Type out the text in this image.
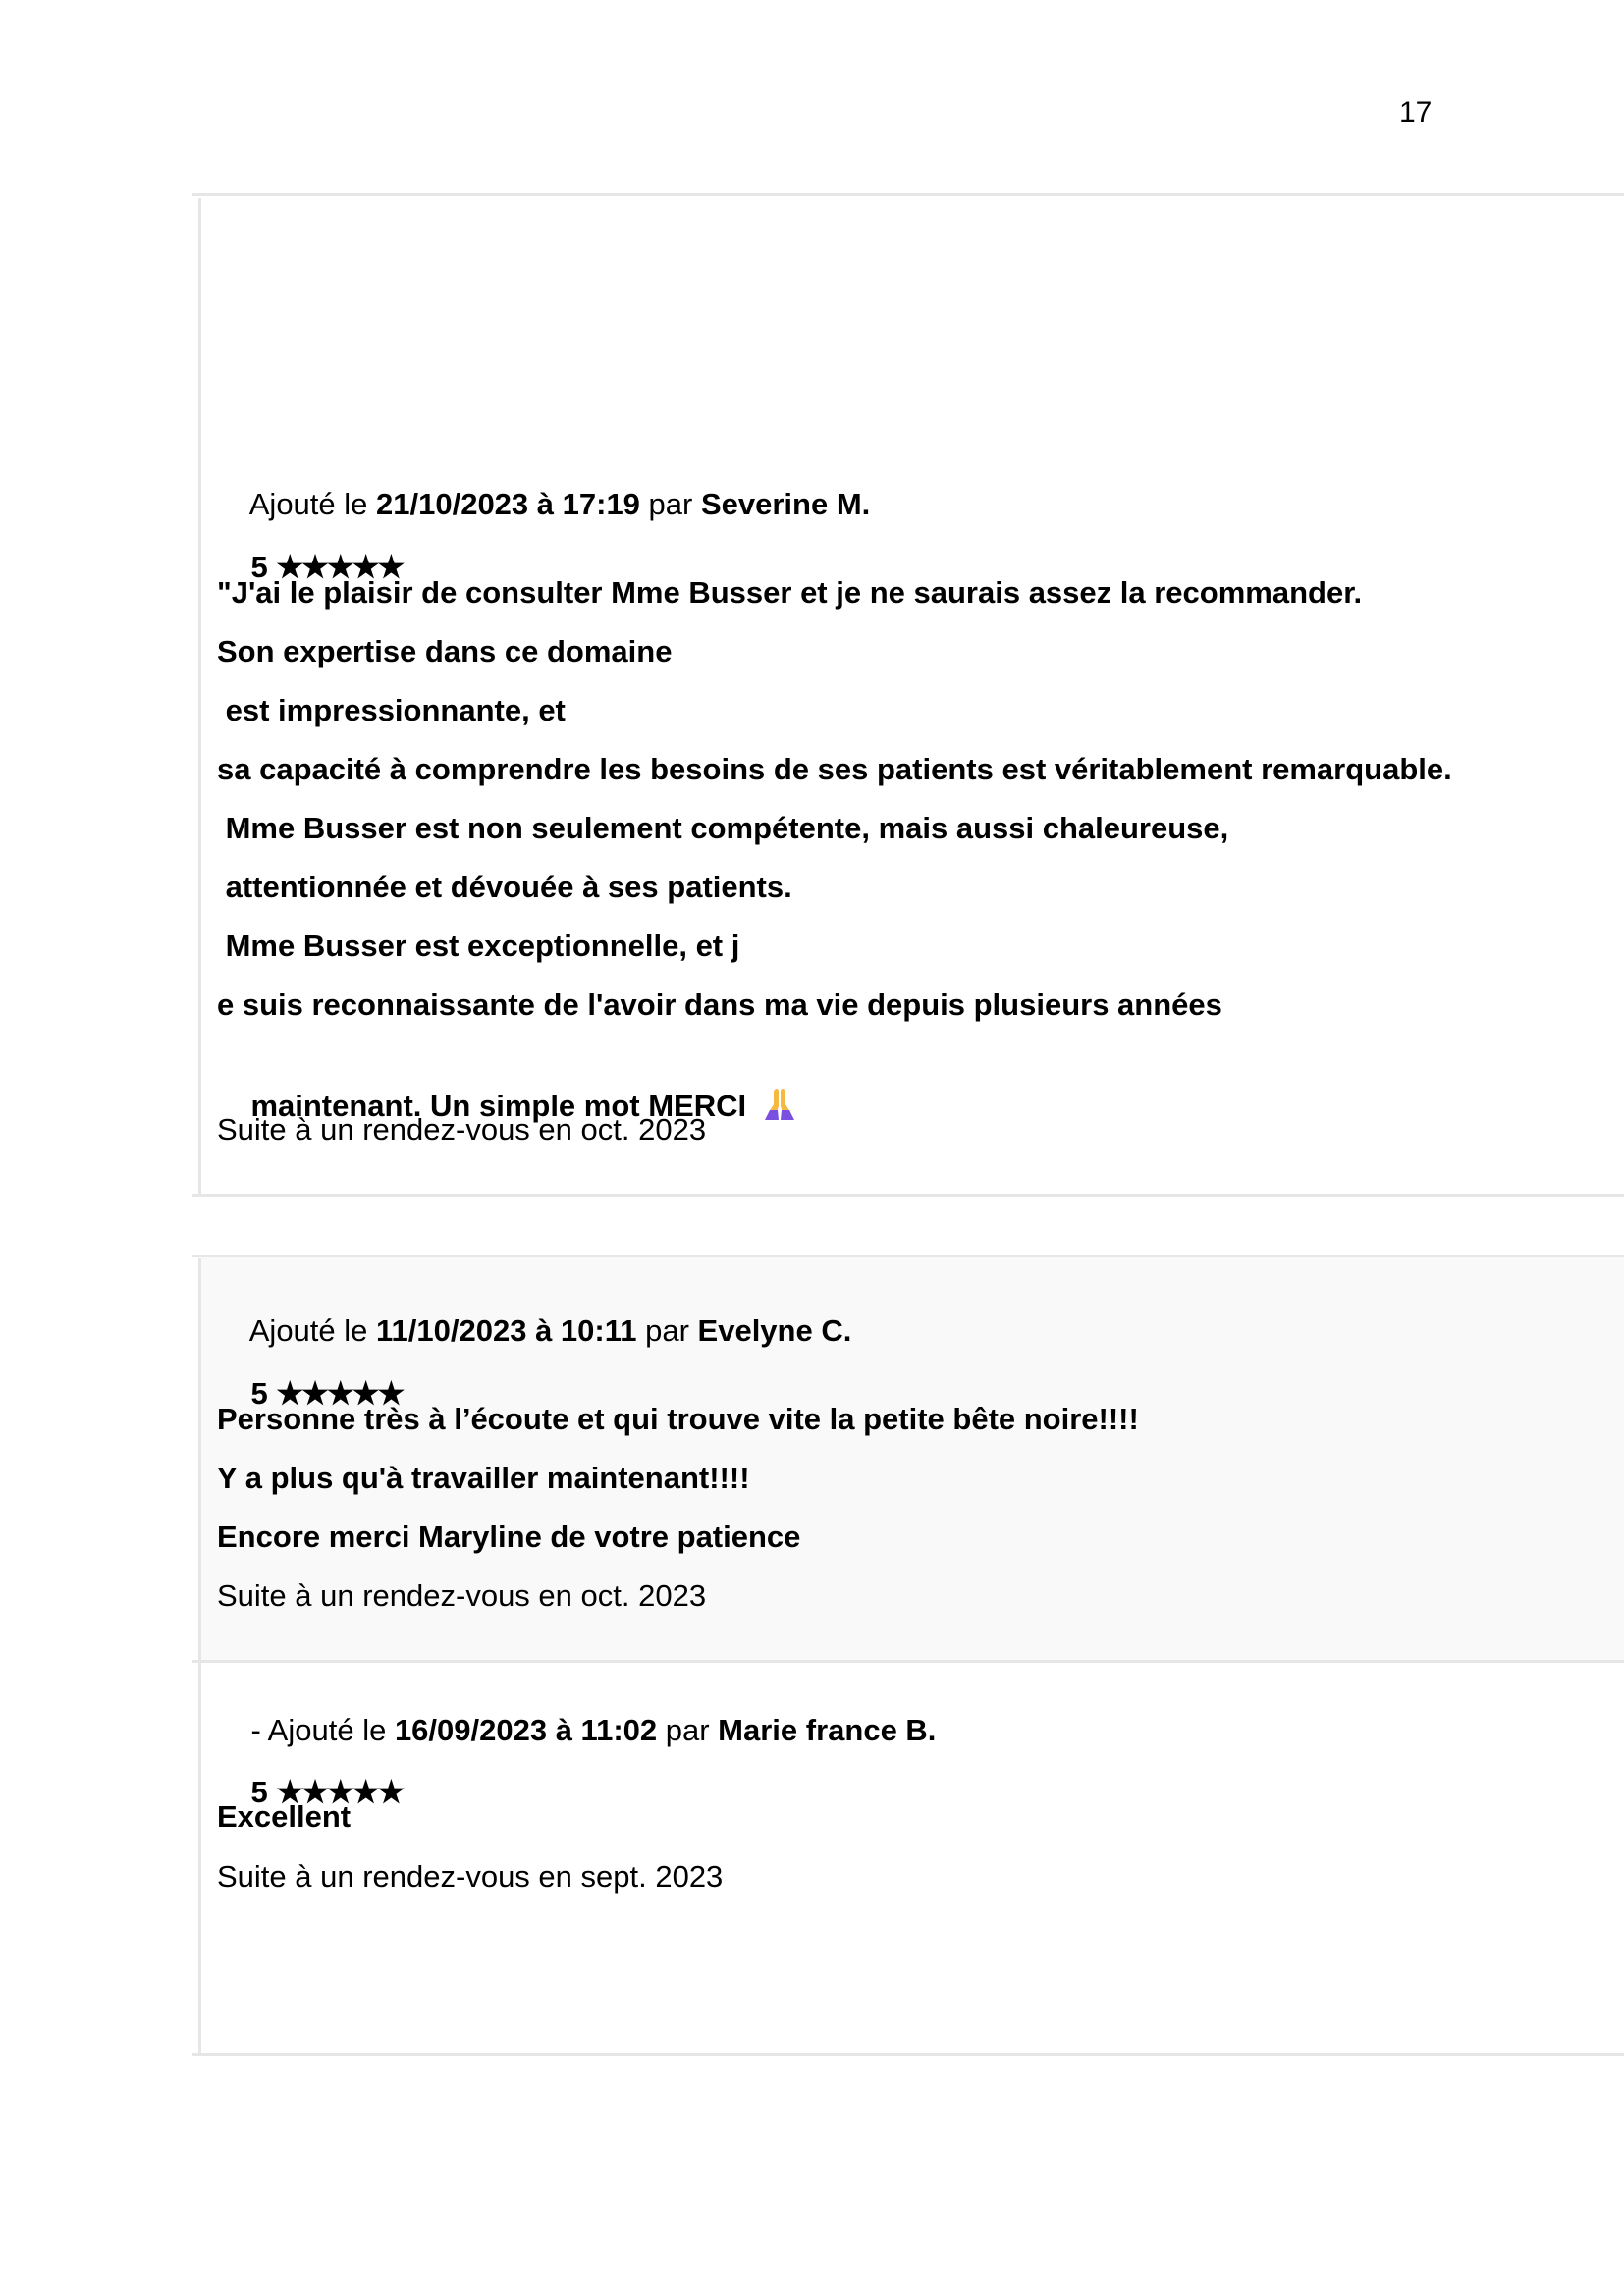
17

Ajouté le 21/10/2023 à 17:19 par Severine M.

5 ★★★★★

"J'ai le plaisir de consulter Mme Busser et je ne saurais assez la recommander.
Son expertise dans ce domaine
est impressionnante, et
sa capacité à comprendre les besoins de ses patients est véritablement remarquable.
Mme Busser est non seulement compétente, mais aussi chaleureuse,
attentionnée et dévouée à ses patients.
Mme Busser est exceptionnelle, et j
e suis reconnaissante de l'avoir dans ma vie depuis plusieurs années

maintenant. Un simple mot MERCI

Suite à un rendez-vous en oct. 2023

Ajouté le 11/10/2023 à 10:11 par Evelyne C.

5 ★★★★★

Personne très à l’écoute et qui trouve vite la petite bête noire!!!!
Y a plus qu'à travailler maintenant!!!!
Encore merci Maryline de votre patience
Suite à un rendez-vous en oct. 2023

- Ajouté le 16/09/2023 à 11:02 par Marie france B.

5 ★★★★★

Excellent
Suite à un rendez-vous en sept. 2023
